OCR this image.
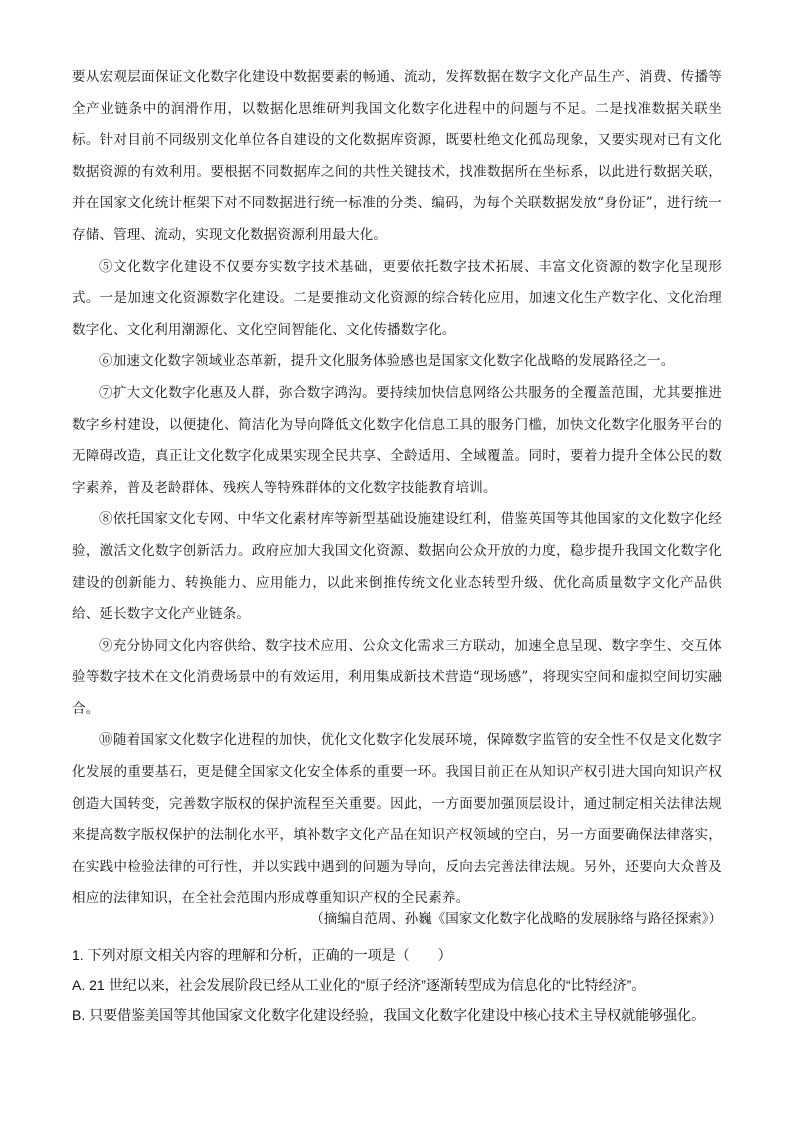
要从宏观层面保证文化数字化建设中数据要素的畅通、流动，发挥数据在数字文化产品生产、消费、传播等全产业链条中的润滑作用，以数据化思维研判我国文化数字化进程中的问题与不足。二是找准数据关联坐标。针对目前不同级别文化单位各自建设的文化数据库资源，既要杜绝文化孤岛现象，又要实现对已有文化数据资源的有效利用。要根据不同数据库之间的共性关键技术，找准数据所在坐标系，以此进行数据关联，并在国家文化统计框架下对不同数据进行统一标准的分类、编码，为每个关联数据发放“身份证”，进行统一存储、管理、流动，实现文化数据资源利用最大化。

⑤文化数字化建设不仅要夯实数字技术基础，更要依托数字技术拓展、丰富文化资源的数字化呈现形式。一是加速文化资源数字化建设。二是要推动文化资源的综合转化应用，加速文化生产数字化、文化治理数字化、文化利用潮源化、文化空间智能化、文化传播数字化。

⑥加速文化数字领域业态革新，提升文化服务体验感也是国家文化数字化战略的发展路径之一。

⑦扩大文化数字化惠及人群，弥合数字鸿沟。要持续加快信息网络公共服务的全覆盖范围，尤其要推进数字乡村建设，以便捷化、简洁化为导向降低文化数字化信息工具的服务门槛，加快文化数字化服务平台的无障碍改造，真正让文化数字化成果实现全民共享、全龄适用、全域覆盖。同时，要着力提升全体公民的数字素养，普及老龄群体、残疾人等特殊群体的文化数字技能教育培训。

⑧依托国家文化专网、中华文化素材库等新型基础设施建设红利，借鉴英国等其他国家的文化数字化经验，激活文化数字创新活力。政府应加大我国文化资源、数据向公众开放的力度，稳步提升我国文化数字化建设的创新能力、转换能力、应用能力，以此来倒推传统文化业态转型升级、优化高质量数字文化产品供给、延长数字文化产业链条。

⑨充分协同文化内容供给、数字技术应用、公众文化需求三方联动，加速全息呈现、数字孪生、交互体验等数字技术在文化消费场景中的有效运用，利用集成新技术营造“现场感”，将现实空间和虚拟空间切实融合。

⑩随着国家文化数字化进程的加快，优化文化数字化发展环境，保障数字监管的安全性不仅是文化数字化发展的重要基石，更是健全国家文化安全体系的重要一环。我国目前正在从知识产权引进大国向知识产权创造大国转变，完善数字版权的保护流程至关重要。因此，一方面要加强顶层设计，通过制定相关法律法规来提高数字版权保护的法制化水平，填补数字文化产品在知识产权领域的空白，另一方面要确保法律落实，在实践中检验法律的可行性，并以实践中遇到的问题为导向，反向去完善法律法规。另外，还要向大众普及相应的法律知识，在全社会范围内形成尊重知识产权的全民素养。

（摘编自范周、孙巍《国家文化数字化战略的发展脉络与路径探索》）

1. 下列对原文相关内容的理解和分析，正确的一项是（　　）

A. 21 世纪以来，社会发展阶段已经从工业化的“原子经济”逐渐转型成为信息化的“比特经济”。

B. 只要借鉴美国等其他国家文化数字化建设经验，我国文化数字化建设中核心技术主导权就能够强化。
